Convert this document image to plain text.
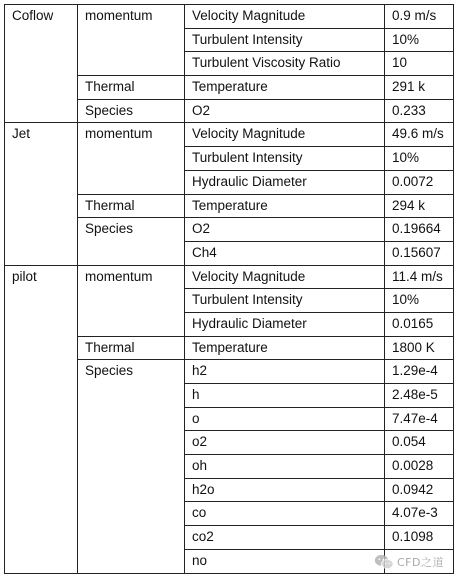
Coflow	momentum	Velocity Magnitude	0.9 m/s
		Turbulent Intensity	10%
		Turbulent Viscosity Ratio	10
	Thermal	Temperature	291 k
	Species	O2	0.233
Jet	momentum	Velocity Magnitude	49.6 m/s
		Turbulent Intensity	10%
		Hydraulic Diameter	0.0072
	Thermal	Temperature	294 k
	Species	O2	0.19664
		Ch4	0.15607
pilot	momentum	Velocity Magnitude	11.4 m/s
		Turbulent Intensity	10%
		Hydraulic Diameter	0.0165
	Thermal	Temperature	1800 K
	Species	h2	1.29e-4
		h	2.48e-5
		o	7.47e-4
		o2	0.054
		oh	0.0028
		h2o	0.0942
		co	4.07e-3
		co2	0.1098
		no		CFD之道
